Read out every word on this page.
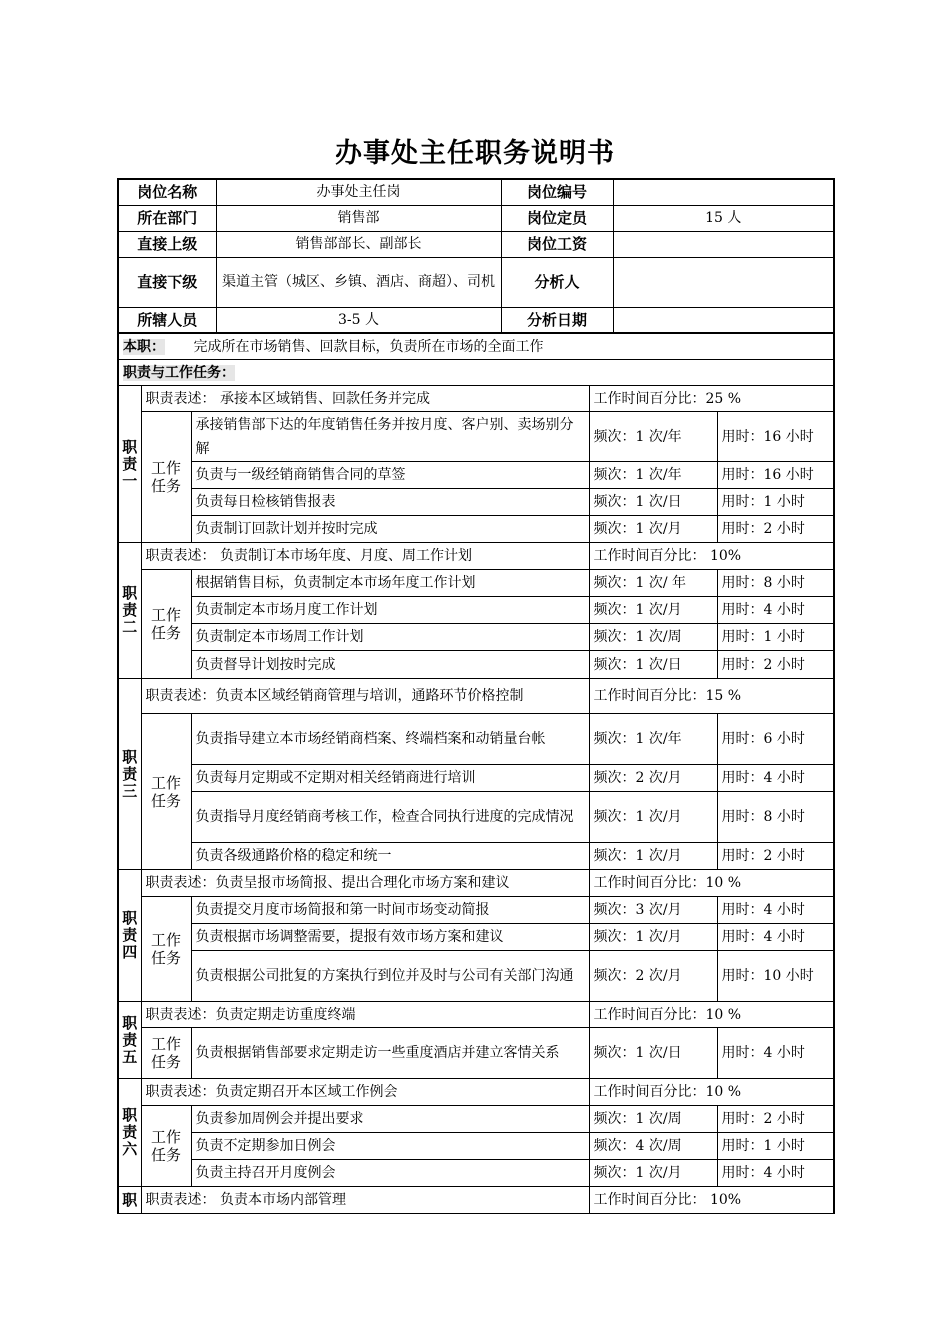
办事处主任职务说明书
岗位名称	办事处主任岗	岗位编号	
所在部门	销售部	岗位定员	15 人
直接上级	销售部部长、副部长	岗位工资	
直接下级	渠道主管（城区、乡镇、酒店、商超）、司机	分析人	
所辖人员	3-5 人	分析日期	
本职： 完成所在市场销售、回款目标，负责所在市场的全面工作				
职责与工作任务：				

职
责
一	职责表述： 承接本区域销售、回款任务并完成		工作时间百分比：25 %	

	工作
任务	承接销售部下达的年度销售任务并按月度、客户别、卖场别分解	频次：1 次/年	用时：16 小时
		负责与一级经销商销售合同的草签	频次：1 次/年	用时：16 小时
		负责每日检核销售报表	频次：1 次/日	用时：1 小时
		负责制订回款计划并按时完成	频次：1 次/月	用时：2 小时

职
责
二	职责表述： 负责制订本市场年度、月度、周工作计划		工作时间百分比： 10%	

	工作
任务	根据销售目标，负责制定本市场年度工作计划	频次：1 次/ 年	用时：8 小时
		负责制定本市场月度工作计划	频次：1 次/月	用时：4 小时
		负责制定本市场周工作计划	频次：1 次/周	用时：1 小时
		负责督导计划按时完成	频次：1 次/日	用时：2 小时

职
责
三	职责表述：负责本区域经销商管理与培训，通路环节价格控制		工作时间百分比：15 %	

	工作
任务	负责指导建立本市场经销商档案、终端档案和动销量台帐	频次：1 次/年	用时：6 小时
		负责每月定期或不定期对相关经销商进行培训	频次：2 次/月	用时：4 小时
		负责指导月度经销商考核工作，检查合同执行进度的完成情况	频次：1 次/月	用时：8 小时
		负责各级通路价格的稳定和统一	频次：1 次/月	用时：2 小时

职
责
四	职责表述：负责呈报市场简报、提出合理化市场方案和建议		工作时间百分比：10 %	

	工作
任务	负责提交月度市场简报和第一时间市场变动简报	频次：3 次/月	用时：4 小时
		负责根据市场调整需要，提报有效市场方案和建议	频次：1 次/月	用时：4 小时
		负责根据公司批复的方案执行到位并及时与公司有关部门沟通	频次：2 次/月	用时：10 小时

职
责
五	职责表述：负责定期走访重度终端		工作时间百分比：10 %	

	工作
任务	负责根据销售部要求定期走访一些重度酒店并建立客情关系	频次：1 次/日	用时：4 小时

职
责
六	职责表述：负责定期召开本区域工作例会		工作时间百分比：10 %	

	工作
任务	负责参加周例会并提出要求	频次：1 次/周	用时：2 小时
		负责不定期参加日例会	频次：4 次/周	用时：1 小时
		负责主持召开月度例会	频次：1 次/月	用时：4 小时
职	职责表述： 负责本市场内部管理		工作时间百分比： 10%	
